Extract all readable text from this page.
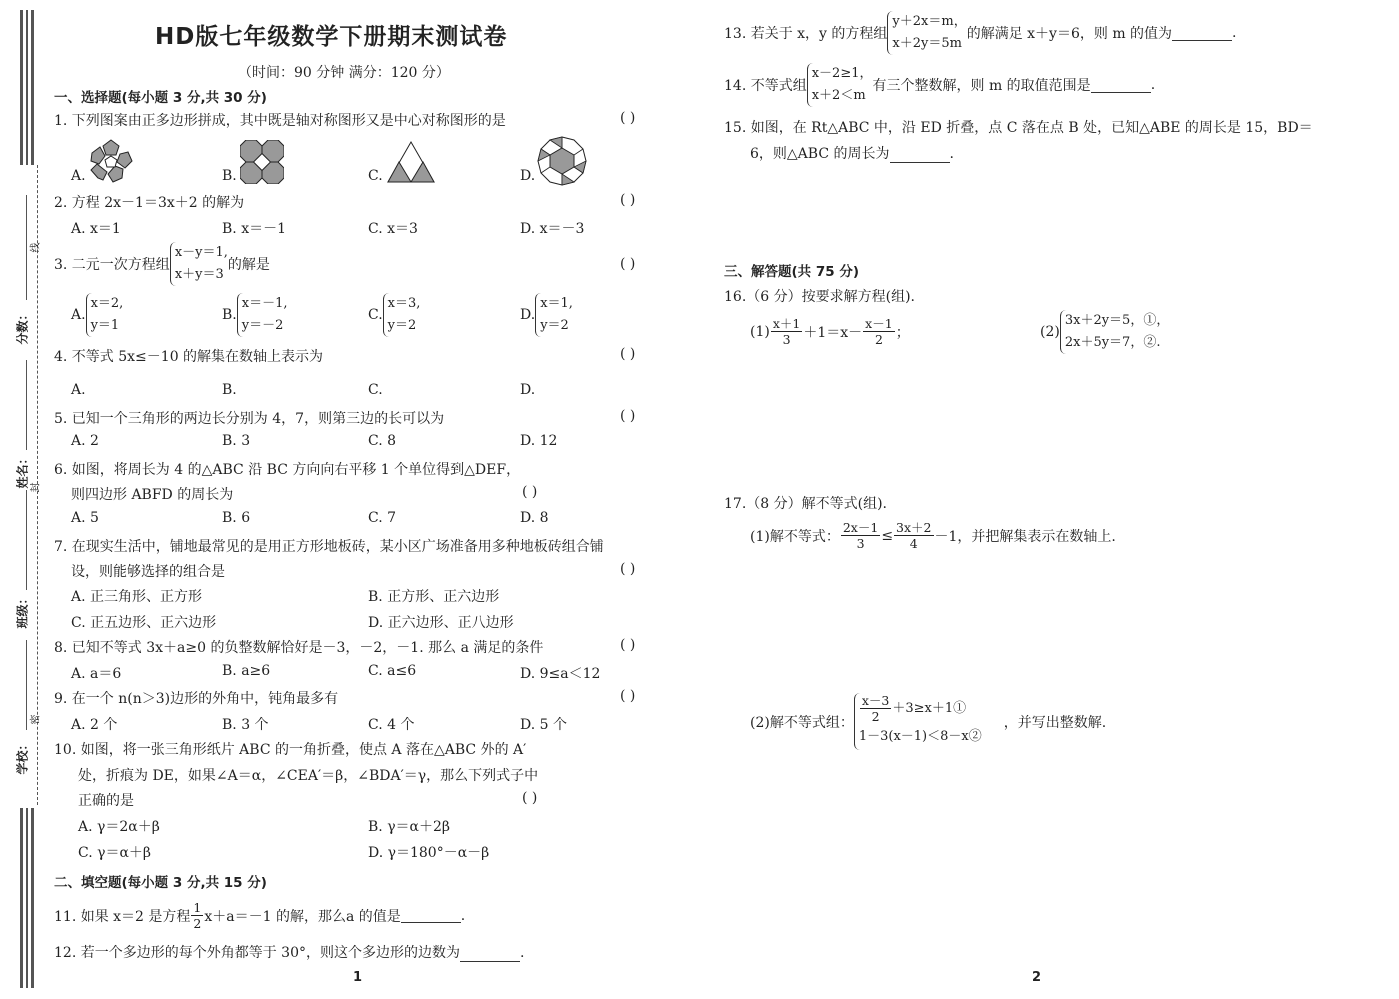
分数：
姓名：
班级：
学校：
线
封
密
HD版七年级数学下册期末测试卷
（时间：90 分钟 满分：120 分）
一、选择题(每小题 3 分,共 30 分)
1. 下列图案由正多边形拼成，其中既是轴对称图形又是中心对称图形的是	( )
A.	B.	C.	D.
2. 方程 2x－1＝3x＋2 的解为	( )
A. x＝1	B. x＝－1	C. x＝3	D. x＝－3
3. 二元一次方程组
x－y＝1,
x＋y＝3
的解是	( )
A.
x＝2,
y＝1
B.
x＝－1,
y＝－2
C.
x＝3,
y＝2
D.
x＝1,
y＝2
4. 不等式 5x≤－10 的解集在数轴上表示为	( )
A.	B.	C.	D.
5. 已知一个三角形的两边长分别为 4，7，则第三边的长可以为	( )
A. 2	B. 3	C. 8	D. 12
6. 如图，将周长为 4 的△ABC 沿 BC 方向向右平移 1 个单位得到△DEF，
则四边形 ABFD 的周长为	( )
A. 5	B. 6	C. 7	D. 8
7. 在现实生活中，铺地最常见的是用正方形地板砖，某小区广场准备用多种地板砖组合铺
设，则能够选择的组合是	( )
A. 正三角形、正方形	B. 正方形、正六边形
C. 正五边形、正六边形	D. 正六边形、正八边形
8. 已知不等式 3x＋a≥0 的负整数解恰好是－3，－2，－1. 那么 a 满足的条件	( )
A. a＝6	B. a≥6	C. a≤6	D. 9≤a＜12
9. 在一个 n(n＞3)边形的外角中，钝角最多有	( )
A. 2 个	B. 3 个	C. 4 个	D. 5 个
10. 如图，将一张三角形纸片 ABC 的一角折叠，使点 A 落在△ABC 外的 A′
处，折痕为 DE，如果∠A＝α，∠CEA′＝β，∠BDA′＝γ，那么下列式子中
正确的是	( )
A. γ＝2α＋β	B. γ＝α＋2β
C. γ＝α＋β	D. γ＝180°－α－β
二、填空题(每小题 3 分,共 15 分)
11. 如果 x＝2 是方程 $\frac{1}{2} x+a=-1$ 的解，那么a 的值是	.
12. 若一个多边形的每个外角都等于 30°，则这个多边形的边数为	.
1
13. 若关于 x，y 的方程组
y＋2x＝m，
x＋2y＝5m
的解满足 x＋y＝6，则 m 的值为	.
14. 不等式组
x－2≥1，
x＋2＜m
有三个整数解，则 m 的取值范围是	.
15. 如图，在 Rt△ABC 中，沿 ED 折叠，点 C 落在点 B 处，已知△ABE 的周长是 15，BD＝
6，则△ABC 的周长为	.
三、解答题(共 75 分)
16.（6 分）按要求解方程(组).
$(1) \frac{x+1}{3} +1=x- \frac{x-1}{2}$ ；	(2)
3x＋2y＝5，①，
2x＋5y＝7，②.
17.（8 分）解不等式(组).
(1)解不等式： $\frac{2x-1}{3} \le \frac{3x+2}{4} -1$，并把解集表示在数轴上.
(2)解不等式组： $\frac{x-3}{2}$ ＋3≥x＋1①
1－3(x－1)＜8－x②
，并写出整数解.
2
